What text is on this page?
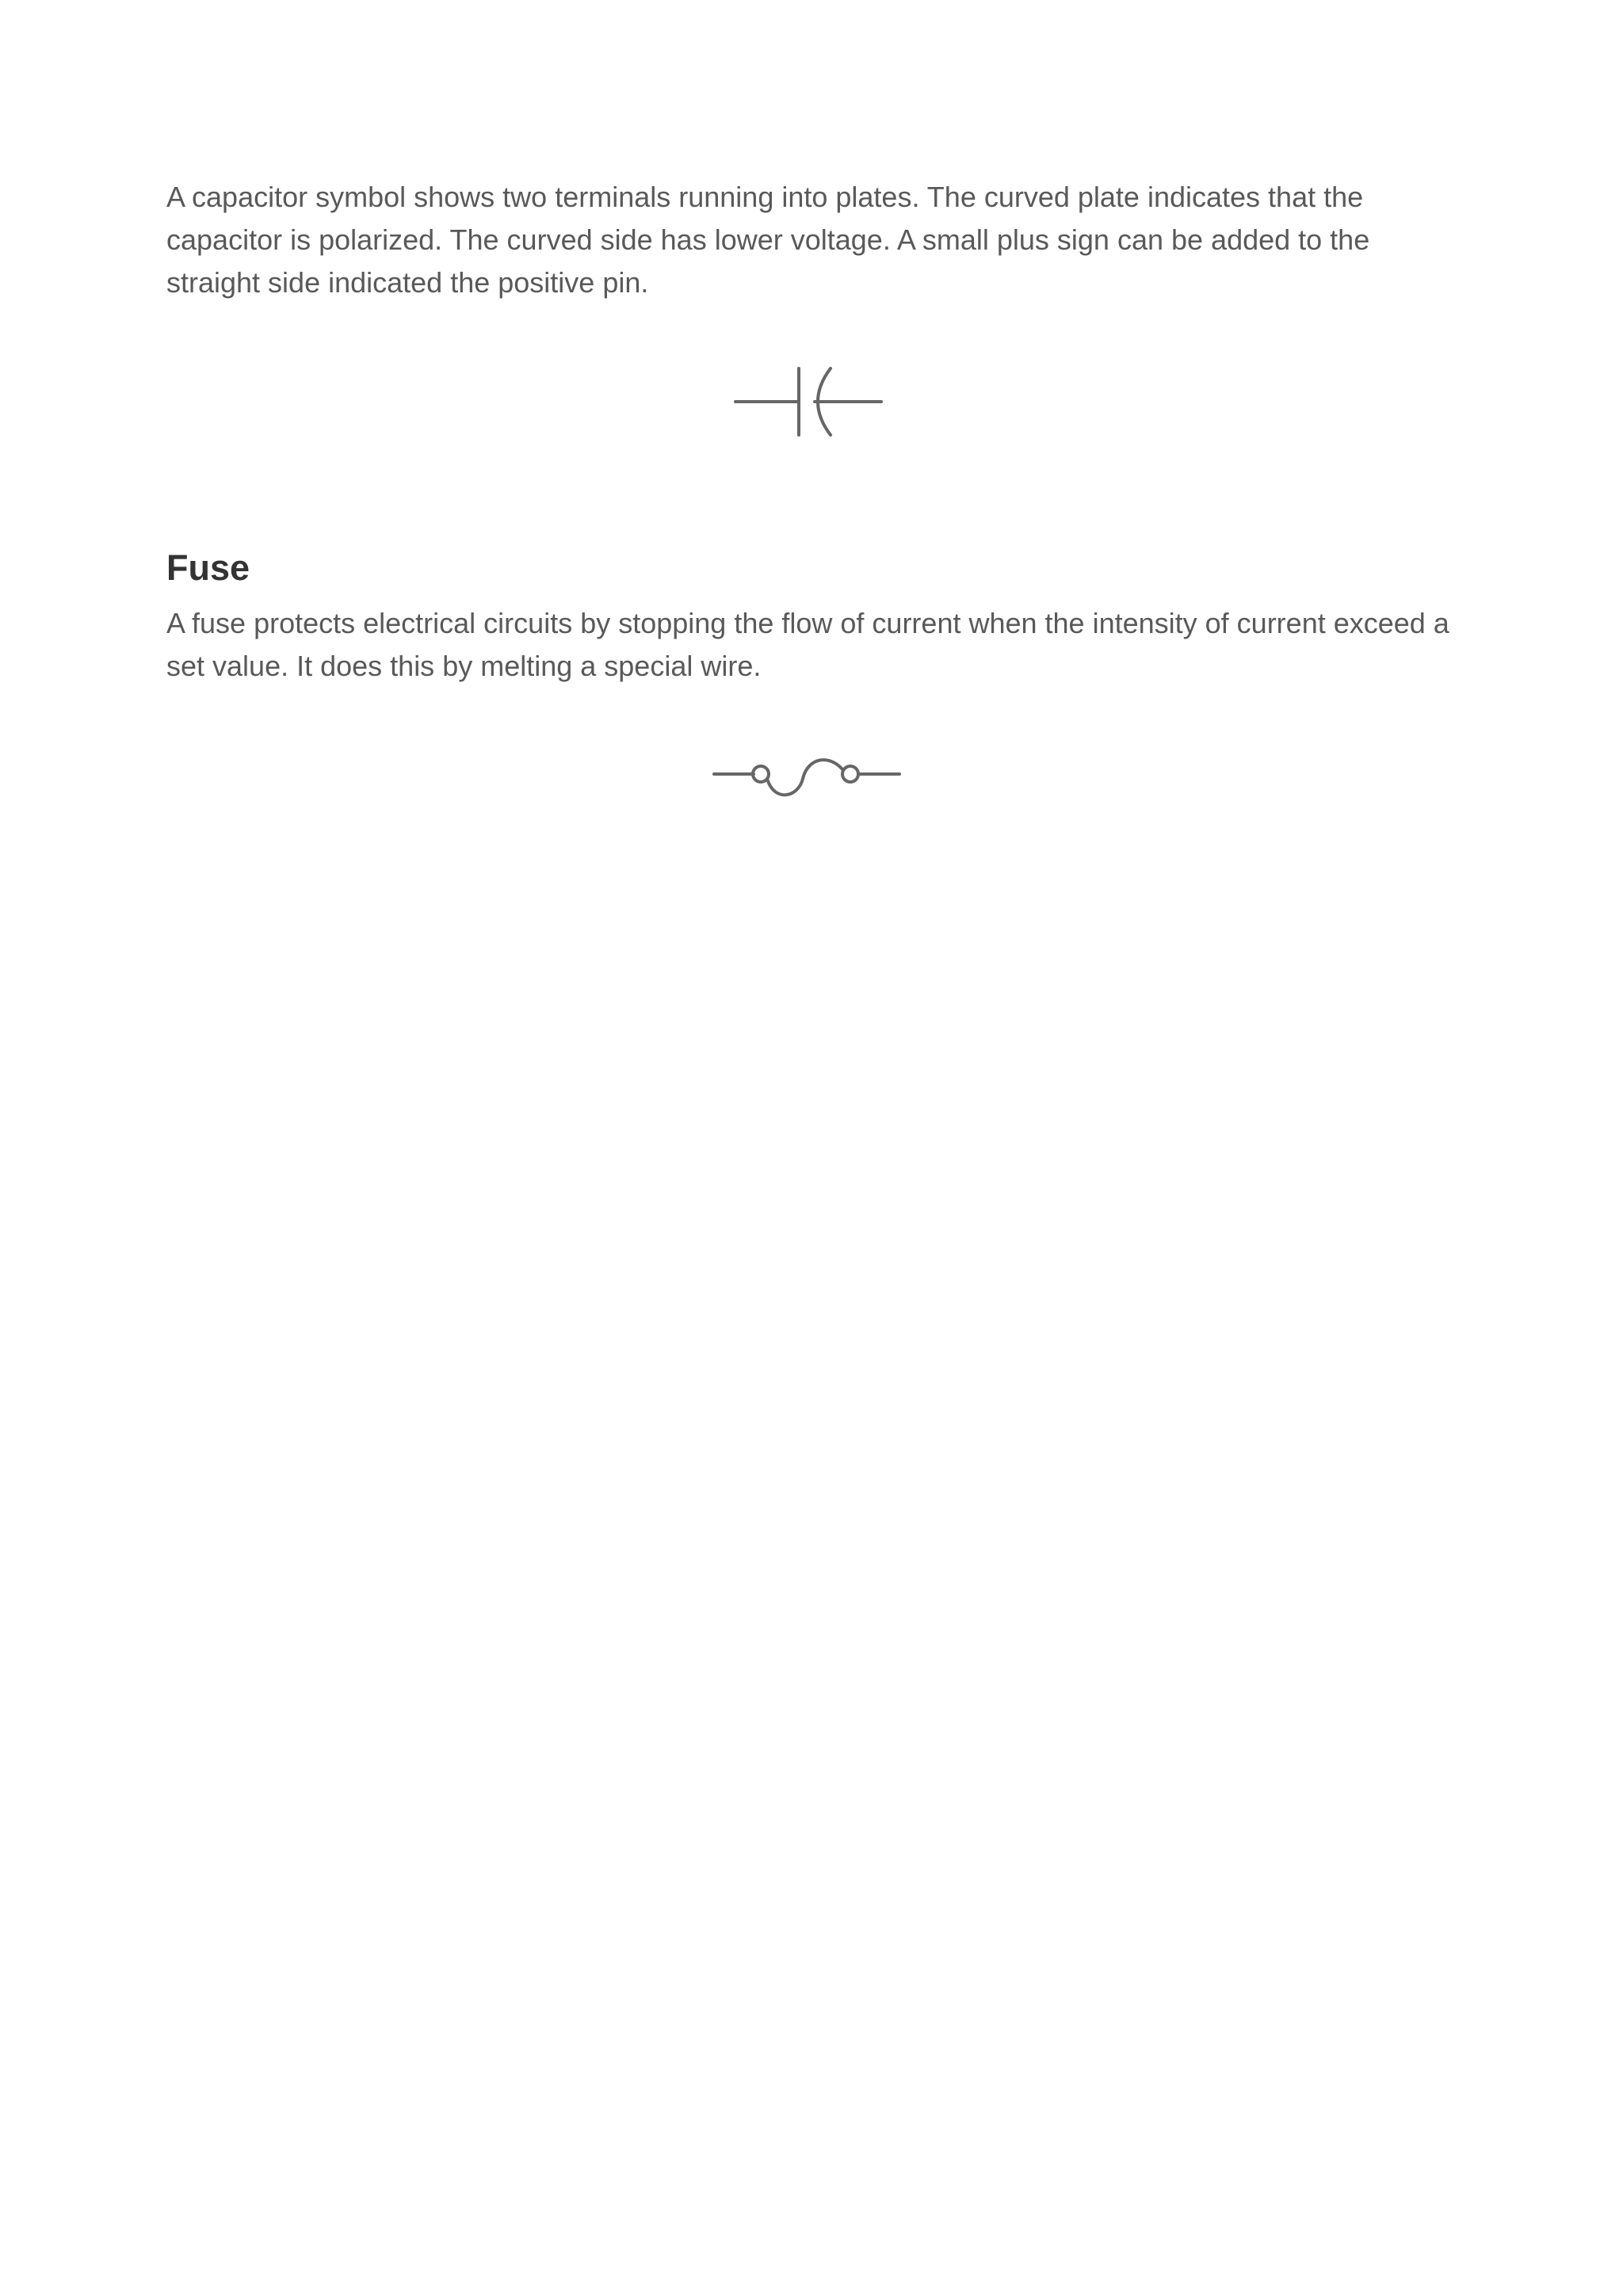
A capacitor symbol shows two terminals running into plates. The curved plate indicates that the capacitor is polarized. The curved side has lower voltage. A small plus sign can be added to the straight side indicated the positive pin.

Fuse

A fuse protects electrical circuits by stopping the flow of current when the intensity of current exceed a set value. It does this by melting a special wire.
